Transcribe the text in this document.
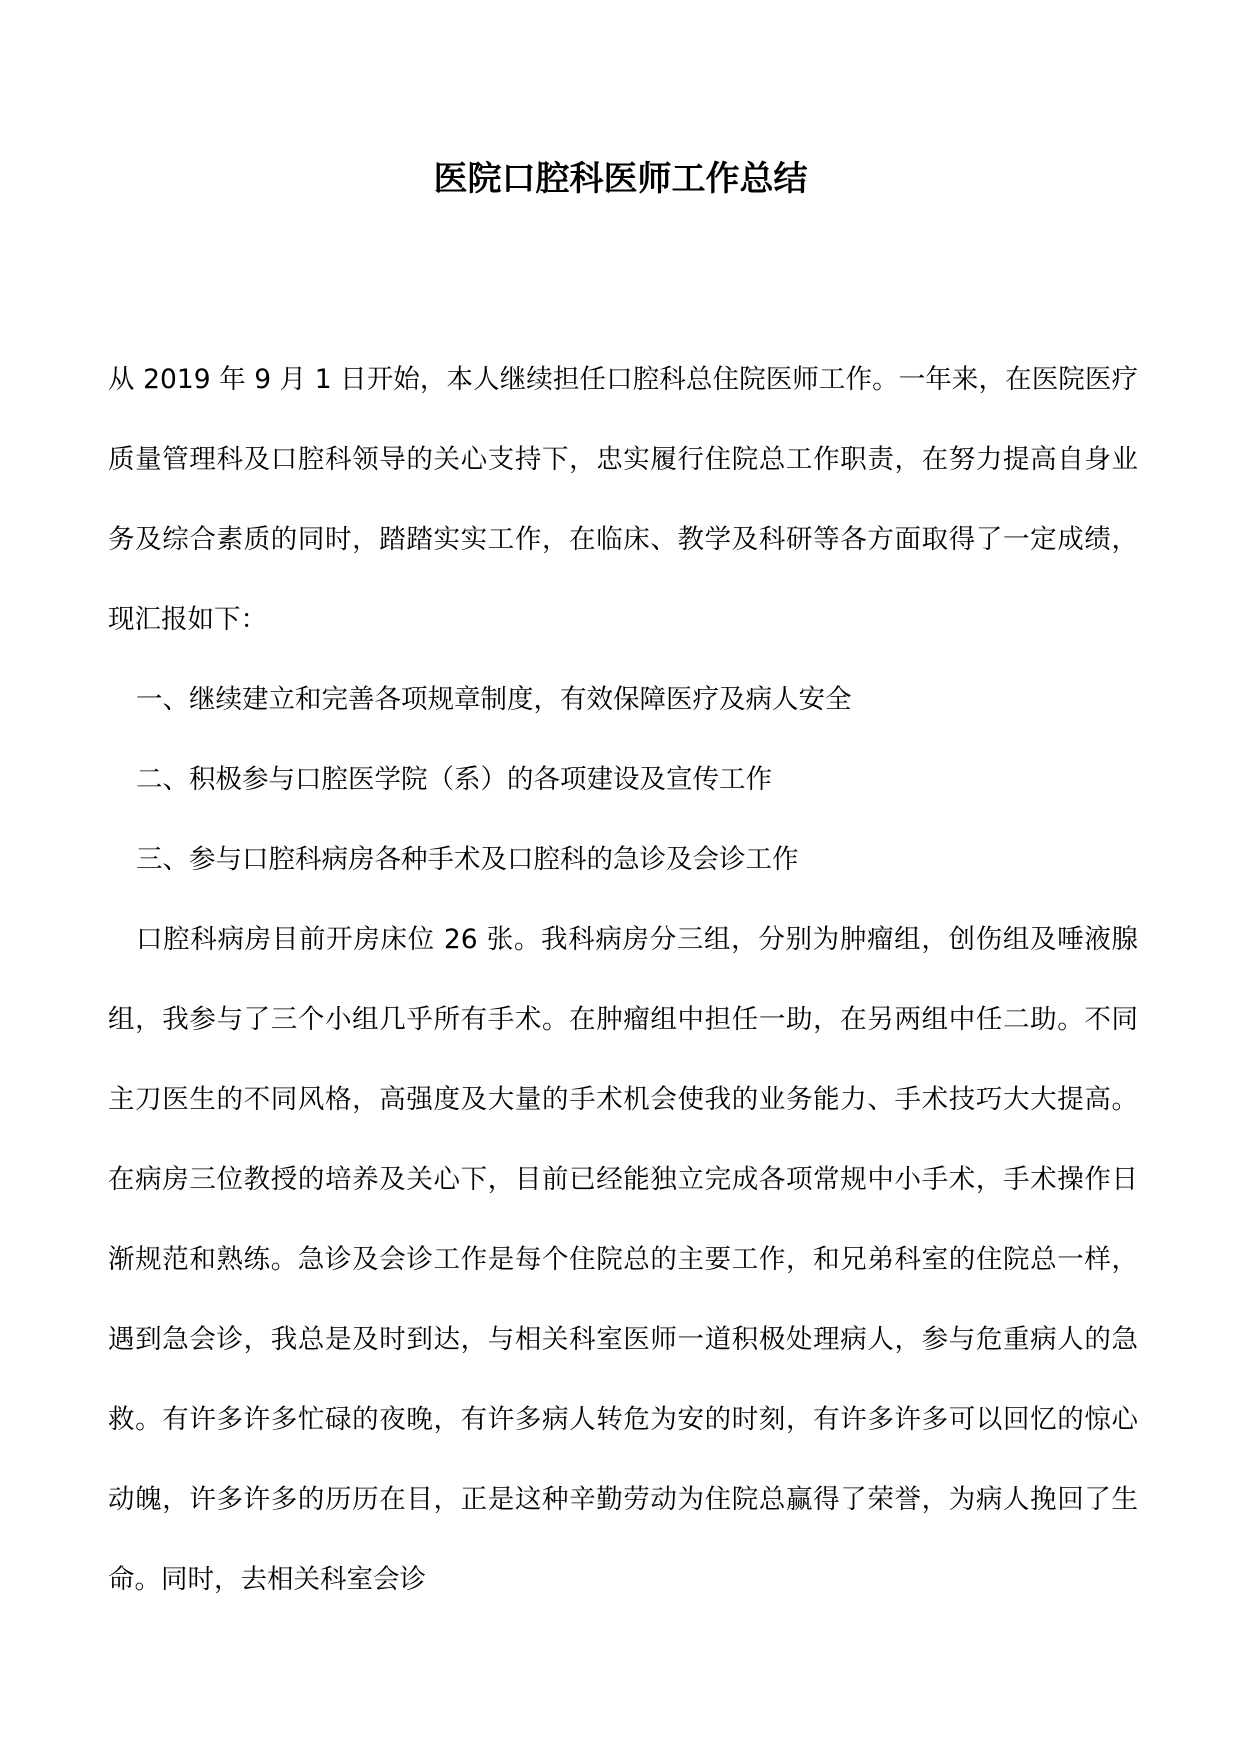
医院口腔科医师工作总结

从 2019 年 9 月 1 日开始，本人继续担任口腔科总住院医师工作。一年来，在医院医疗质量管理科及口腔科领导的关心支持下，忠实履行住院总工作职责，在努力提高自身业务及综合素质的同时，踏踏实实工作，在临床、教学及科研等各方面取得了一定成绩，现汇报如下：

一、继续建立和完善各项规章制度，有效保障医疗及病人安全

二、积极参与口腔医学院（系）的各项建设及宣传工作

三、参与口腔科病房各种手术及口腔科的急诊及会诊工作

口腔科病房目前开房床位 26 张。我科病房分三组，分别为肿瘤组，创伤组及唾液腺组，我参与了三个小组几乎所有手术。在肿瘤组中担任一助，在另两组中任二助。不同主刀医生的不同风格，高强度及大量的手术机会使我的业务能力、手术技巧大大提高。在病房三位教授的培养及关心下，目前已经能独立完成各项常规中小手术，手术操作日渐规范和熟练。急诊及会诊工作是每个住院总的主要工作，和兄弟科室的住院总一样，遇到急会诊，我总是及时到达，与相关科室医师一道积极处理病人，参与危重病人的急救。有许多许多忙碌的夜晚，有许多病人转危为安的时刻，有许多许多可以回忆的惊心动魄，许多许多的历历在目，正是这种辛勤劳动为住院总赢得了荣誉，为病人挽回了生命。同时，去相关科室会诊
